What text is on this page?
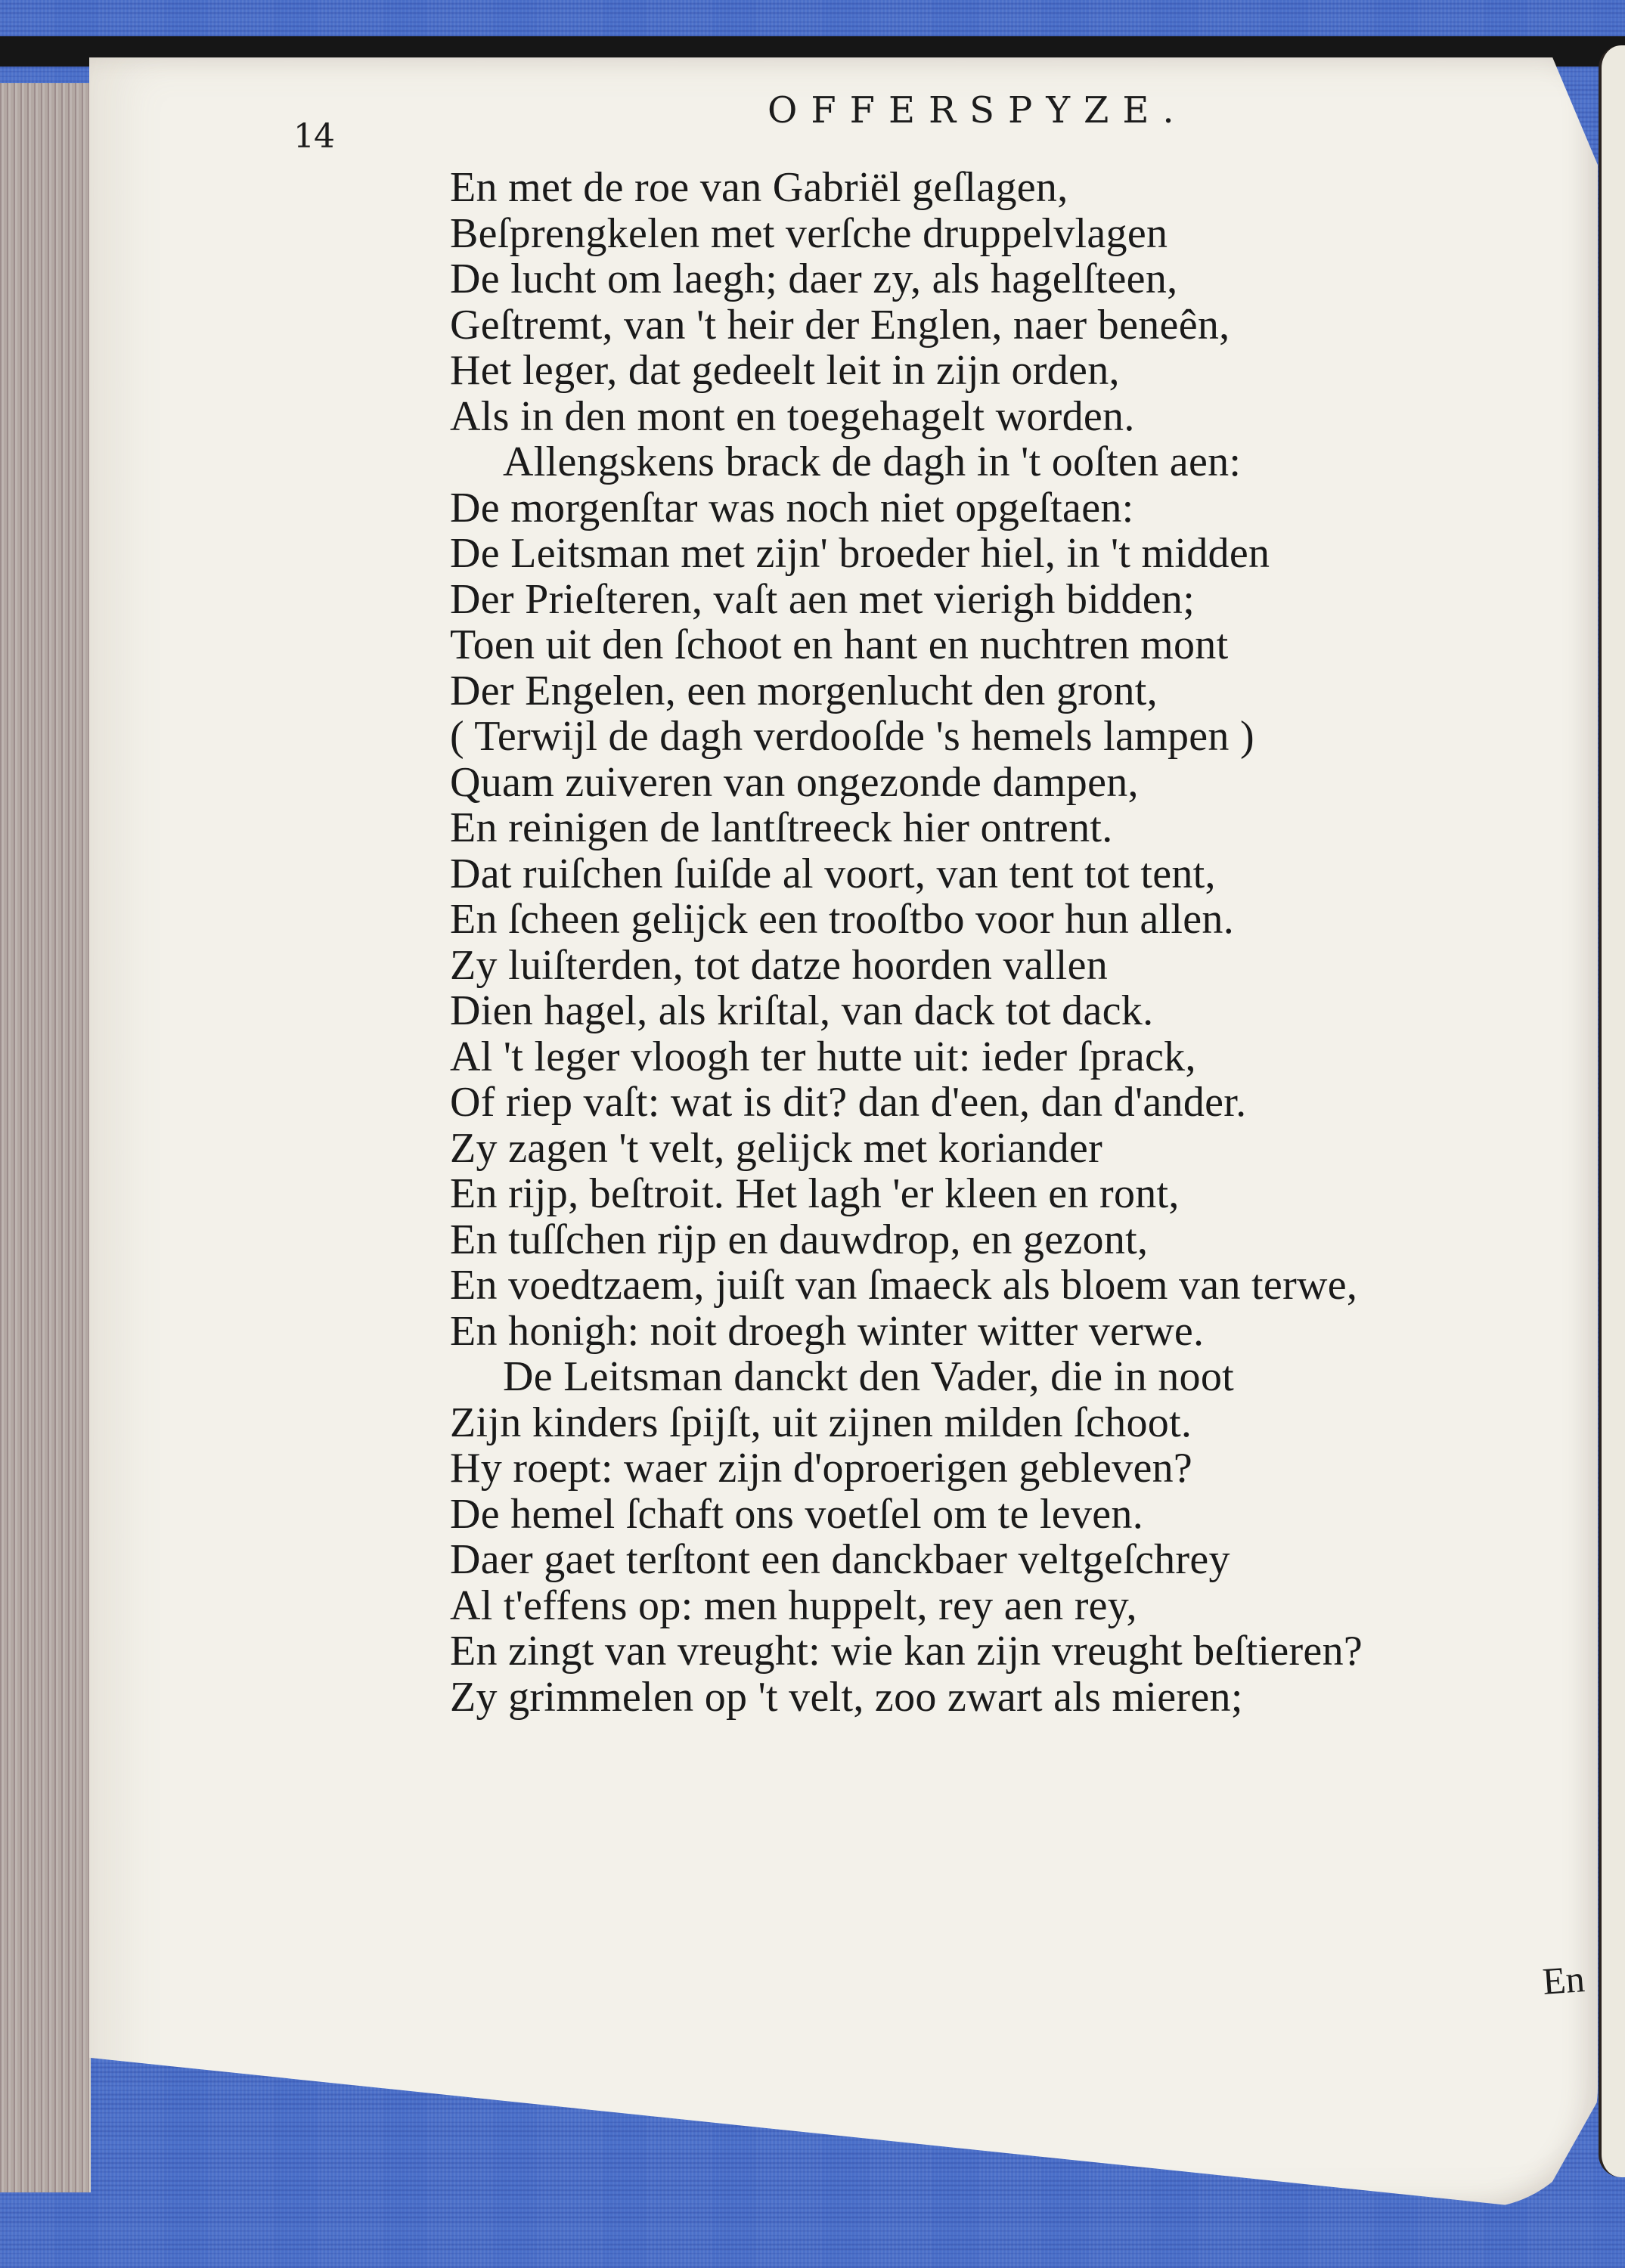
14
OFFERSPYZE.
En met de roe van Gabriël geſlagen,
Beſprengkelen met verſche druppelvlagen
De lucht om laegh; daer zy, als hagelſteen,
Geſtremt, van 't heir der Englen, naer beneên,
Het leger, dat gedeelt leit in zijn orden,
Als in den mont en toegehagelt worden.
Allengskens brack de dagh in 't ooſten aen:
De morgenſtar was noch niet opgeſtaen:
De Leitsman met zijn' broeder hiel, in 't midden
Der Prieſteren, vaſt aen met vierigh bidden;
Toen uit den ſchoot en hant en nuchtren mont
Der Engelen, een morgenlucht den gront,
( Terwijl de dagh verdooſde 's hemels lampen )
Quam zuiveren van ongezonde dampen,
En reinigen de lantſtreeck hier ontrent.
Dat ruiſchen ſuiſde al voort, van tent tot tent,
En ſcheen gelijck een trooſtbo voor hun allen.
Zy luiſterden, tot datze hoorden vallen
Dien hagel, als kriſtal, van dack tot dack.
Al 't leger vloogh ter hutte uit: ieder ſprack,
Of riep vaſt: wat is dit? dan d'een, dan d'ander.
Zy zagen 't velt, gelijck met koriander
En rijp, beſtroit. Het lagh 'er kleen en ront,
En tuſſchen rijp en dauwdrop, en gezont,
En voedtzaem, juiſt van ſmaeck als bloem van terwe,
En honigh: noit droegh winter witter verwe.
De Leitsman danckt den Vader, die in noot
Zijn kinders ſpijſt, uit zijnen milden ſchoot.
Hy roept: waer zijn d'oproerigen gebleven?
De hemel ſchaft ons voetſel om te leven.
Daer gaet terſtont een danckbaer veltgeſchrey
Al t'effens op: men huppelt, rey aen rey,
En zingt van vreught: wie kan zijn vreught beſtieren?
Zy grimmelen op 't velt, zoo zwart als mieren;
En
